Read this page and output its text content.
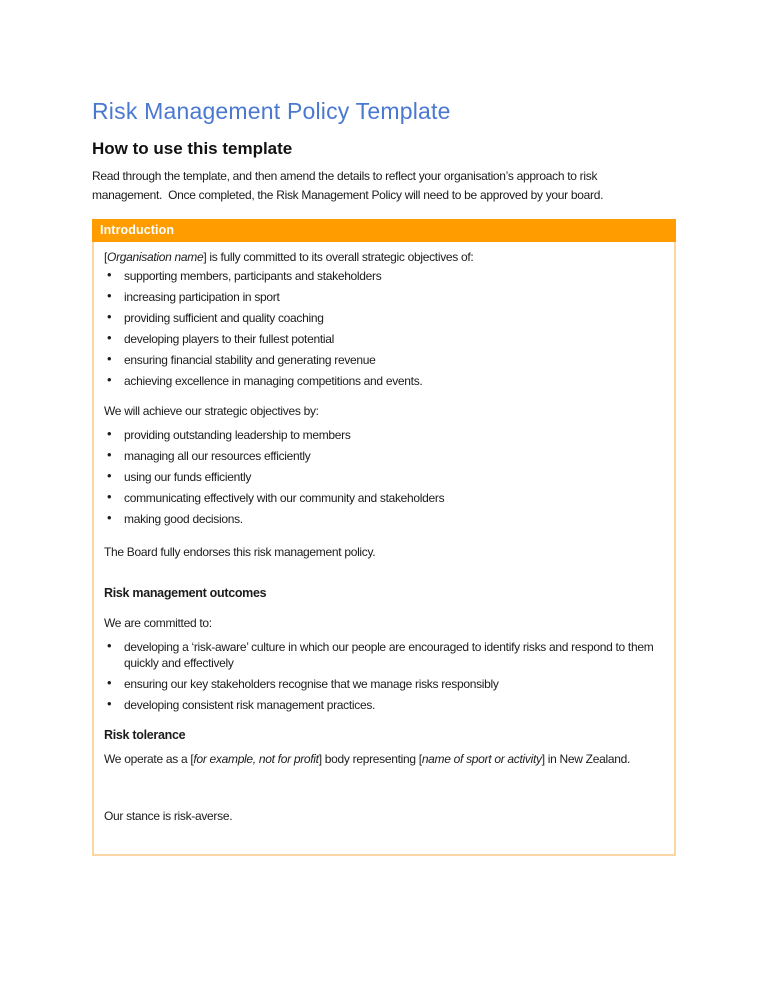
Risk Management Policy Template
How to use this template

Read through the template, and then amend the details to reflect your organisation’s approach to risk management.  Once completed, the Risk Management Policy will need to be approved by your board.

Introduction

[Organisation name] is fully committed to its overall strategic objectives of:

• supporting members, participants and stakeholders
• increasing participation in sport
• providing sufficient and quality coaching
• developing players to their fullest potential
• ensuring financial stability and generating revenue
• achieving excellence in managing competitions and events.

We will achieve our strategic objectives by:

• providing outstanding leadership to members
• managing all our resources efficiently
• using our funds efficiently
• communicating effectively with our community and stakeholders
• making good decisions.

The Board fully endorses this risk management policy.

Risk management outcomes

We are committed to:

• developing a ‘risk-aware’ culture in which our people are encouraged to identify risks and respond to them quickly and effectively
• ensuring our key stakeholders recognise that we manage risks responsibly
• developing consistent risk management practices.
Risk tolerance

We operate as a [for example, not for profit] body representing [name of sport or activity] in New Zealand.

Our stance is risk-averse.
